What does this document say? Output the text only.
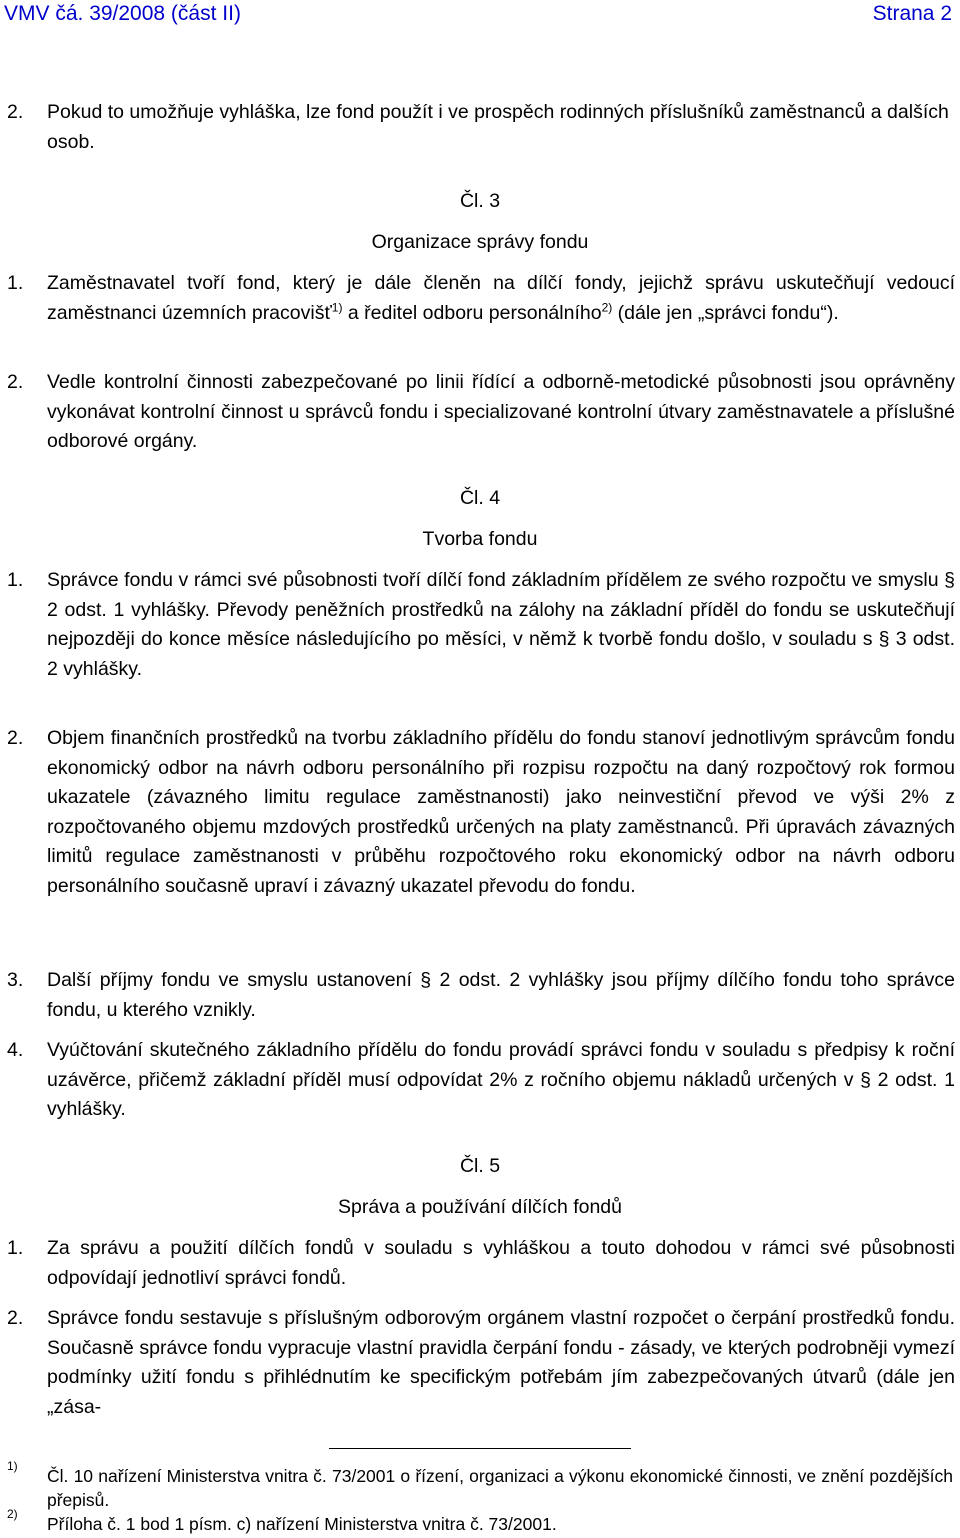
VMV čá. 39/2008 (část II)	Strana 2
2. Pokud to umožňuje vyhláška, lze fond použít i ve prospěch rodinných příslušníků zaměstnanců a dalších osob.
Čl. 3
Organizace správy fondu
1. Zaměstnavatel tvoří fond, který je dále členěn na dílčí fondy, jejichž správu uskutečňují vedoucí zaměstnanci územních pracovišť$^{1)}$ a ředitel odboru personálního$^{2)}$ (dále jen „správci fondu“).
2. Vedle kontrolní činnosti zabezpečované po linii řídící a odborně-metodické působnosti jsou oprávněny vykonávat kontrolní činnost u správců fondu i specializované kontrolní útvary zaměstnavatele a příslušné odborové orgány.
Čl. 4
Tvorba fondu
1. Správce fondu v rámci své působnosti tvoří dílčí fond základním přídělem ze svého rozpočtu ve smyslu § 2 odst. 1 vyhlášky. Převody peněžních prostředků na zálohy na základní příděl do fondu se uskutečňují nejpozději do konce měsíce následujícího po měsíci, v němž k tvorbě fondu došlo, v souladu s § 3 odst. 2 vyhlášky.
2. Objem finančních prostředků na tvorbu základního přídělu do fondu stanoví jednotlivým správcům fondu ekonomický odbor na návrh odboru personálního při rozpisu rozpočtu na daný rozpočtový rok formou ukazatele (závazného limitu regulace zaměstnanosti) jako neinvestiční převod ve výši 2% z rozpočtovaného objemu mzdových prostředků určených na platy zaměstnanců. Při úpravách závazných limitů regulace zaměstnanosti v průběhu rozpočtového roku ekonomický odbor na návrh odboru personálního současně upraví i závazný ukazatel převodu do fondu.
3. Další příjmy fondu ve smyslu ustanovení § 2 odst. 2 vyhlášky jsou příjmy dílčího fondu toho správce fondu, u kterého vznikly.
4. Vyúčtování skutečného základního přídělu do fondu provádí správci fondu v souladu s předpisy k roční uzávěrce, přičemž základní příděl musí odpovídat 2% z ročního objemu nákladů určených v § 2 odst. 1 vyhlášky.
Čl. 5
Správa a používání dílčích fondů
1. Za správu a použití dílčích fondů v souladu s vyhláškou a touto dohodou v rámci své působnosti odpovídají jednotliví správci fondů.
2. Správce fondu sestavuje s příslušným odborovým orgánem vlastní rozpočet o čerpání prostředků fondu. Současně správce fondu vypracuje vlastní pravidla čerpání fondu - zásady, ve kterých podrobněji vymezí podmínky užití fondu s přihlédnutím ke specifickým potřebám jím zabezpečovaných útvarů (dále jen „zása-
1) Čl. 10 nařízení Ministerstva vnitra č. 73/2001 o řízení, organizaci a výkonu ekonomické činnosti, ve znění pozdějších přepisů.
2) Příloha č. 1 bod 1 písm. c) nařízení Ministerstva vnitra č. 73/2001.
